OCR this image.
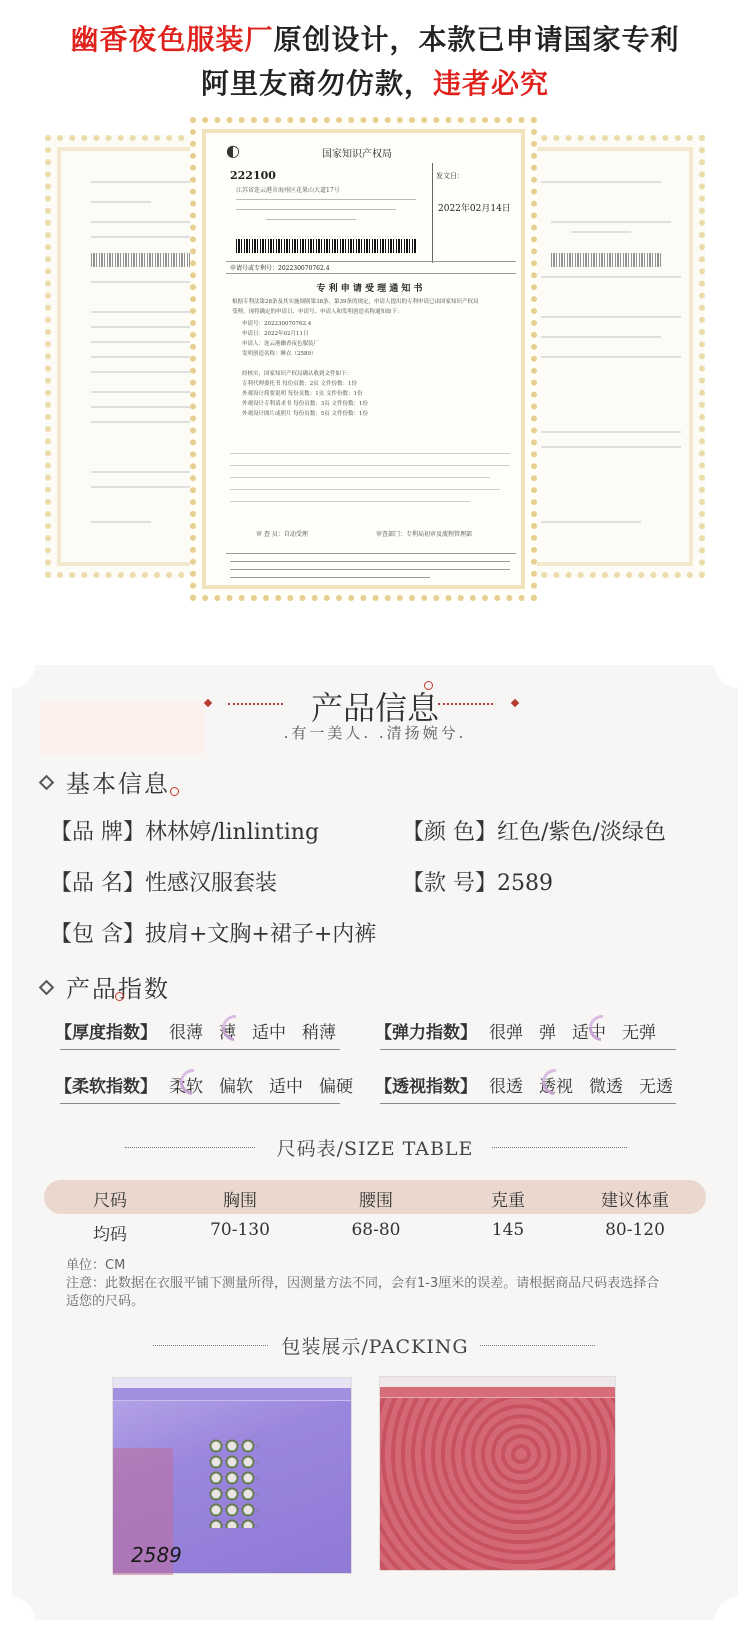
幽香夜色服装厂原创设计，本款已申请国家专利
阿里友商勿仿款，违者必究
◐	国家知识产权局
222100
江苏省连云港市海州区花果山大道17号
发文日：
2022年02月14日
申请号或专利号：202230070762.4
专 利 申 请 受 理 通 知 书
根据专利法第28条及其实施细则第38条、第39条的规定，申请人提出的专利申请已由国家知识产权局
受理。现将确定的申请日、申请号、申请人和发明创造名称通知如下：
申请号：202230070762.4
申请日：2022年02月11日
申请人：连云港幽香夜色服装厂
发明创造名称：睡衣（2589）
经核实，国家知识产权局确认收到文件如下：
专利代理委托书 每份页数：2页 文件份数：1份
外观设计简要说明 每份页数：1页 文件份数：1份
外观设计专利请求书 每份页数：3页 文件份数：1份
外观设计图片或照片 每份页数：5页 文件份数：1份
审 查 员：自动受理	审查部门：专利局初审及流程管理部
产品信息
.有一美人. .清扬婉兮.
基本信息
【品 牌】林林婷/linlinting	【颜 色】红色/紫色/淡绿色
【品 名】性感汉服套装	【款 号】2589
【包 含】披肩+文胸+裙子+内裤
产品指数
【厚度指数】 很薄 薄 适中 稍薄	【弹力指数】 很弹 弹 适中 无弹
【柔软指数】 柔软 偏软 适中 偏硬	【透视指数】 很透 透视 微透 无透
尺码表/SIZE TABLE
尺码	胸围	腰围	克重	建议体重
均码	70-130	68-80	145	80-120
单位：CM
注意：此数据在衣服平铺下测量所得，因测量方法不同，会有1-3厘米的误差。请根据商品尺码表选择合适您的尺码。
包装展示/PACKING
2589
